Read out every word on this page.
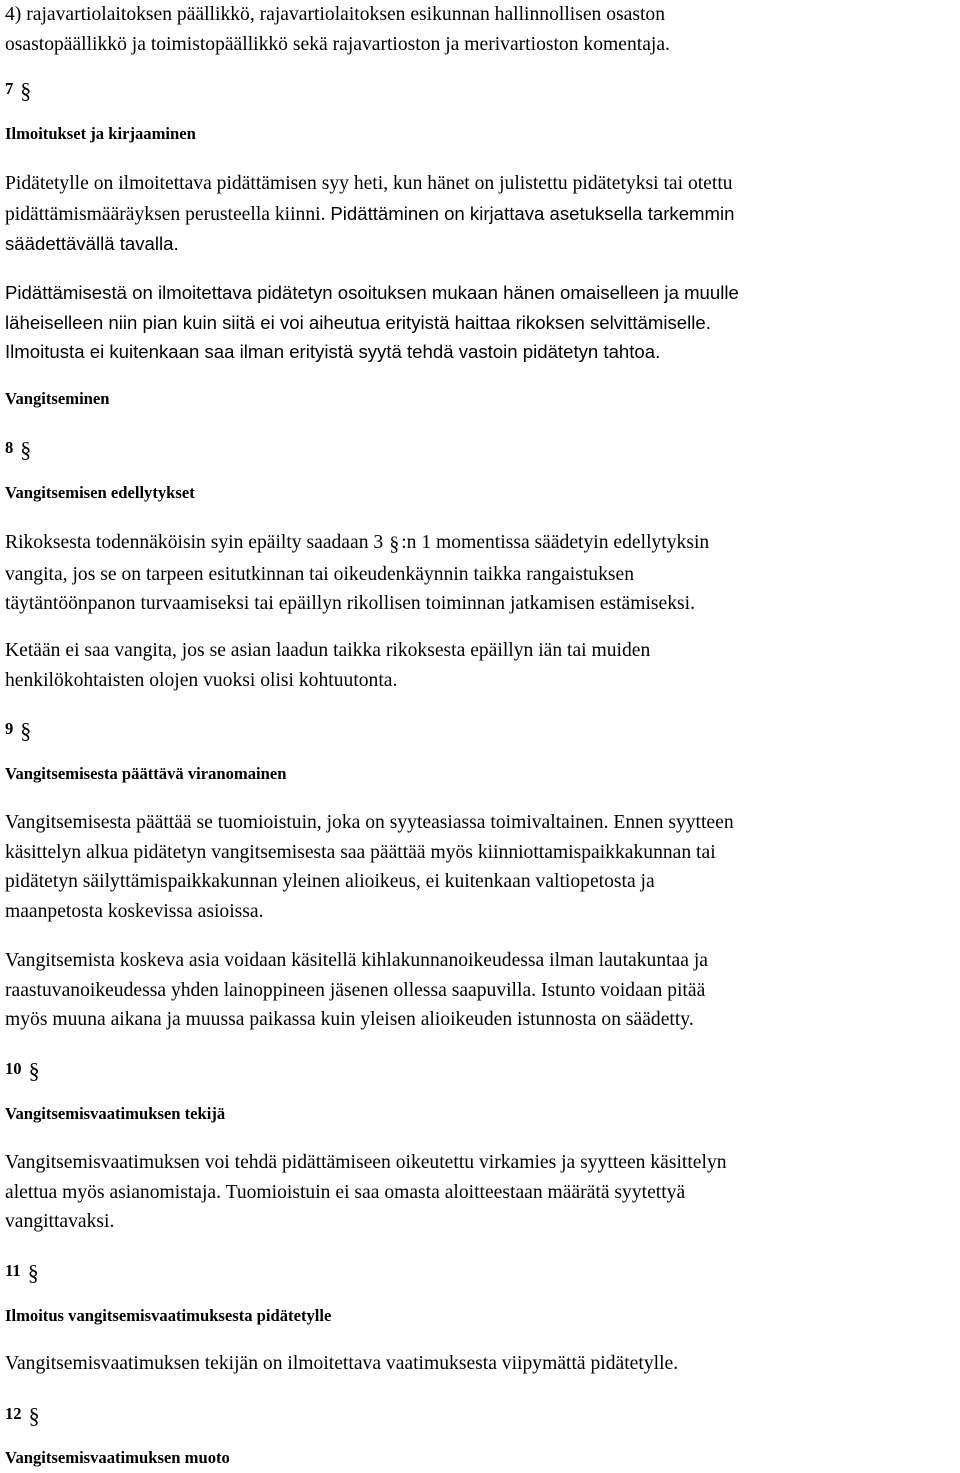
4) rajavartiolaitoksen päällikkö, rajavartiolaitoksen esikunnan hallinnollisen osaston
osastopäällikkö ja toimistopäällikkö sekä rajavartioston ja merivartioston komentaja.

7 §
Ilmoitukset ja kirjaaminen

Pidätetylle on ilmoitettava pidättämisen syy heti, kun hänet on julistettu pidätetyksi tai otettu
pidättämismääräyksen perusteella kiinni. Pidättäminen on kirjattava asetuksella tarkemmin
säädettävällä tavalla.

Pidättämisestä on ilmoitettava pidätetyn osoituksen mukaan hänen omaiselleen ja muulle
läheiselleen niin pian kuin siitä ei voi aiheutua erityistä haittaa rikoksen selvittämiselle.
Ilmoitusta ei kuitenkaan saa ilman erityistä syytä tehdä vastoin pidätetyn tahtoa.

Vangitseminen
8 §
Vangitsemisen edellytykset

Rikoksesta todennäköisin syin epäilty saadaan 3 § :n 1 momentissa säädetyin edellytyksin
vangita, jos se on tarpeen esitutkinnan tai oikeudenkäynnin taikka rangaistuksen
täytäntöönpanon turvaamiseksi tai epäillyn rikollisen toiminnan jatkamisen estämiseksi.

Ketään ei saa vangita, jos se asian laadun taikka rikoksesta epäillyn iän tai muiden
henkilökohtaisten olojen vuoksi olisi kohtuutonta.

9 §
Vangitsemisesta päättävä viranomainen

Vangitsemisesta päättää se tuomioistuin, joka on syyteasiassa toimivaltainen. Ennen syytteen
käsittelyn alkua pidätetyn vangitsemisesta saa päättää myös kiinniottamispaikkakunnan tai
pidätetyn säilyttämispaikkakunnan yleinen alioikeus, ei kuitenkaan valtiopetosta ja
maanpetosta koskevissa asioissa.

Vangitsemista koskeva asia voidaan käsitellä kihlakunnanoikeudessa ilman lautakuntaa ja
raastuvanoikeudessa yhden lainoppineen jäsenen ollessa saapuvilla. Istunto voidaan pitää
myös muuna aikana ja muussa paikassa kuin yleisen alioikeuden istunnosta on säädetty.

10 §
Vangitsemisvaatimuksen tekijä

Vangitsemisvaatimuksen voi tehdä pidättämiseen oikeutettu virkamies ja syytteen käsittelyn
alettua myös asianomistaja. Tuomioistuin ei saa omasta aloitteestaan määrätä syytettyä
vangittavaksi.

11 §
Ilmoitus vangitsemisvaatimuksesta pidätetylle

Vangitsemisvaatimuksen tekijän on ilmoitettava vaatimuksesta viipymättä pidätetylle.

12 §
Vangitsemisvaatimuksen muoto
